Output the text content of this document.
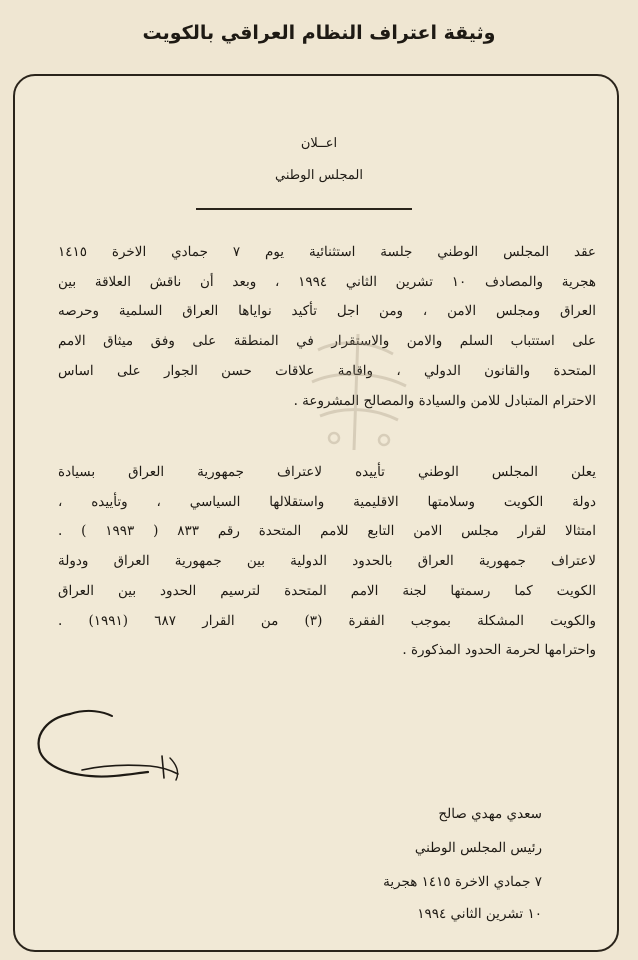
وثيقة اعتراف النظام العراقي بالكويت
اعــلان
المجلس الوطني

عقد المجلس الوطني جلسة استثنائية يوم ٧ جمادي الاخرة ١٤١٥
هجرية والمصادف ١٠ تشرين الثاني ١٩٩٤ ، وبعد أن ناقش العلاقة بين
العراق ومجلس الامن ، ومن اجل تأكيد نواياها العراق السلمية وحرصه
على استتباب السلم والامن والاستقرار في المنطقة على وفق ميثاق الامم
المتحدة والقانون الدولي ، واقامة علاقات حسن الجوار على اساس
الاحترام المتبادل للامن والسيادة والمصالح المشروعة .

يعلن المجلس الوطني تأييده لاعتراف جمهورية العراق بسيادة
دولة الكويت وسلامتها الاقليمية واستقلالها السياسي ، وتأييده ،
امتثالا لقرار مجلس الامن التابع للامم المتحدة رقم ٨٣٣ ( ١٩٩٣ ) .
لاعتراف جمهورية العراق بالحدود الدولية بين جمهورية العراق ودولة
الكويت كما رسمتها لجنة الامم المتحدة لترسيم الحدود بين العراق
والكويت المشكلة بموجب الفقرة (٣) من القرار ٦٨٧ (١٩٩١) .
واحترامها لحرمة الحدود المذكورة .

سعدي مهدي صالح
رئيس المجلس الوطني
٧ جمادي الاخرة ١٤١٥ هجرية
١٠ تشرين الثاني ١٩٩٤
